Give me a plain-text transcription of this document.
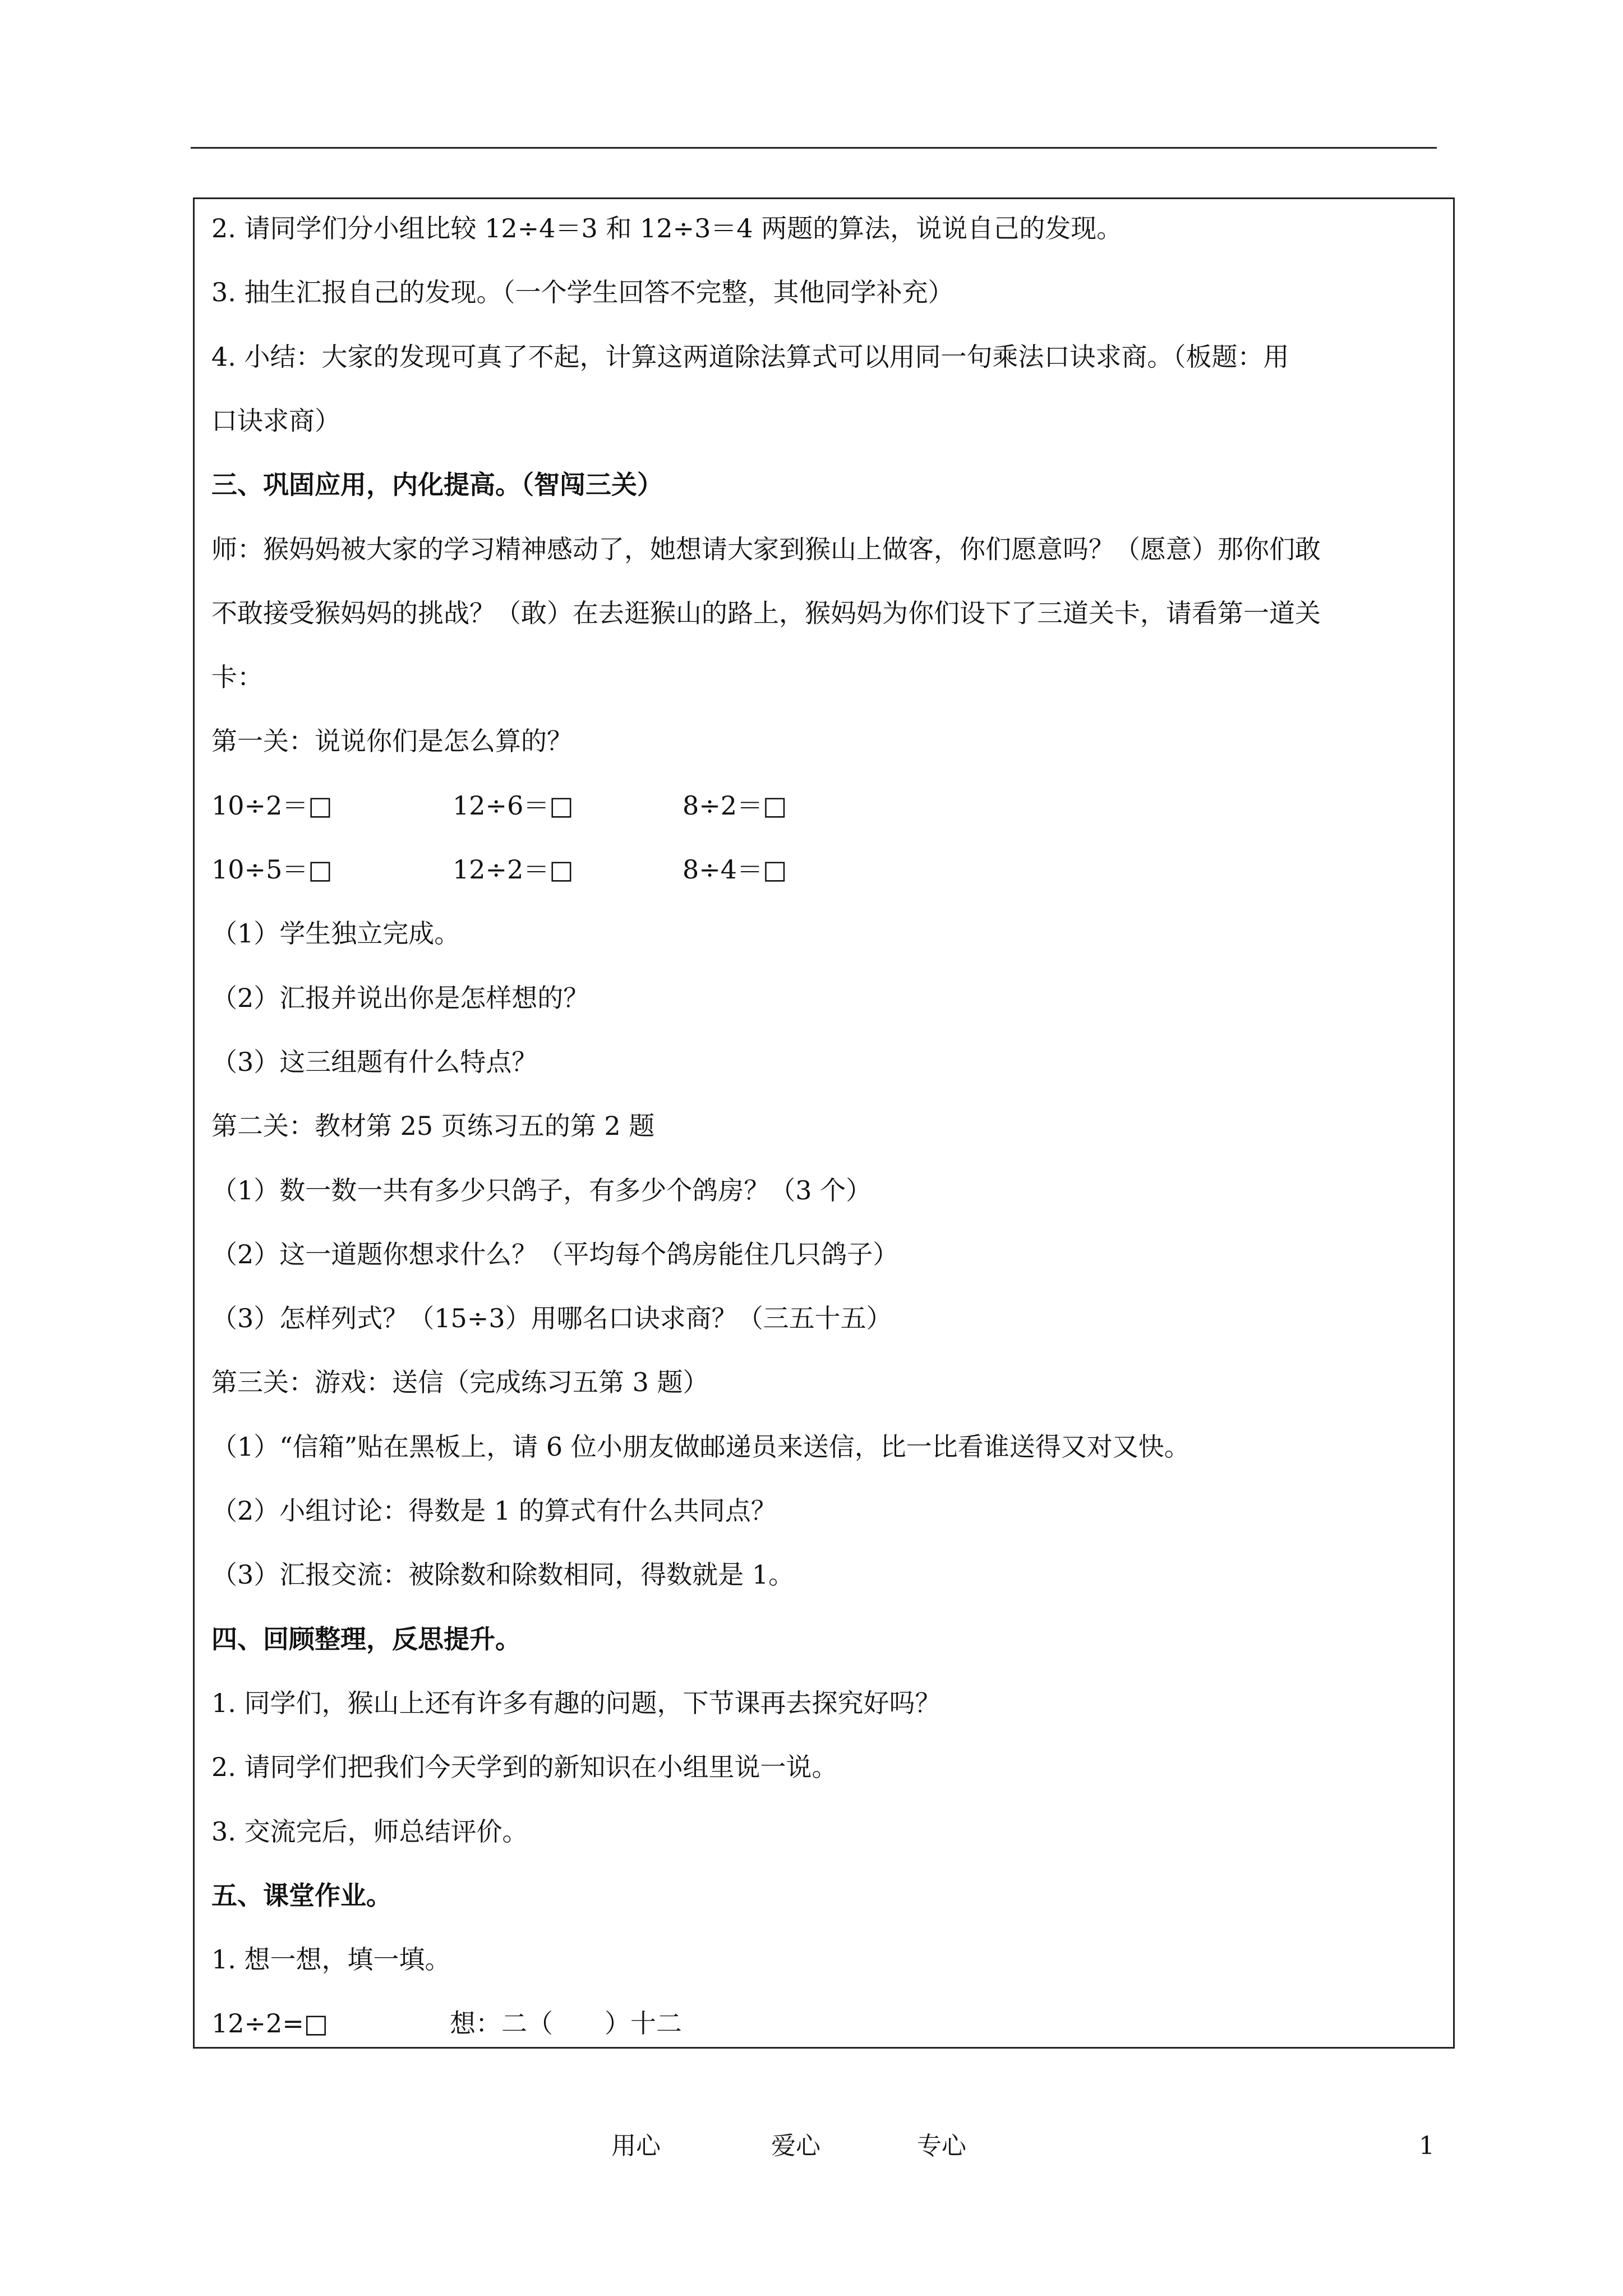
2. 请同学们分小组比较 12÷4＝3 和 12÷3＝4 两题的算法，说说自己的发现。
3. 抽生汇报自己的发现。（一个学生回答不完整，其他同学补充）
4. 小结：大家的发现可真了不起，计算这两道除法算式可以用同一句乘法口诀求商。（板题：用
口诀求商）
三、巩固应用，内化提高。（智闯三关）
师：猴妈妈被大家的学习精神感动了，她想请大家到猴山上做客，你们愿意吗？（愿意）那你们敢
不敢接受猴妈妈的挑战？（敢）在去逛猴山的路上，猴妈妈为你们设下了三道关卡，请看第一道关
卡：
第一关：说说你们是怎么算的？
10÷2＝□	12÷6＝□	8÷2＝□
10÷5＝□	12÷2＝□	8÷4＝□
（1）学生独立完成。
（2）汇报并说出你是怎样想的？
（3）这三组题有什么特点？
第二关：教材第 25 页练习五的第 2 题
（1）数一数一共有多少只鸽子，有多少个鸽房？（3 个）
（2）这一道题你想求什么？（平均每个鸽房能住几只鸽子）
（3）怎样列式？（15÷3）用哪名口诀求商？（三五十五）
第三关：游戏：送信（完成练习五第 3 题）
（1）“信箱”贴在黑板上，请 6 位小朋友做邮递员来送信，比一比看谁送得又对又快。
（2）小组讨论：得数是 1 的算式有什么共同点？
（3）汇报交流：被除数和除数相同，得数就是 1。
四、回顾整理，反思提升。
1. 同学们，猴山上还有许多有趣的问题，下节课再去探究好吗？
2. 请同学们把我们今天学到的新知识在小组里说一说。
3. 交流完后，师总结评价。
五、课堂作业。
1. 想一想，填一填。
12÷2=□	想：二（　　）十二
用心	爱心	专心	1
